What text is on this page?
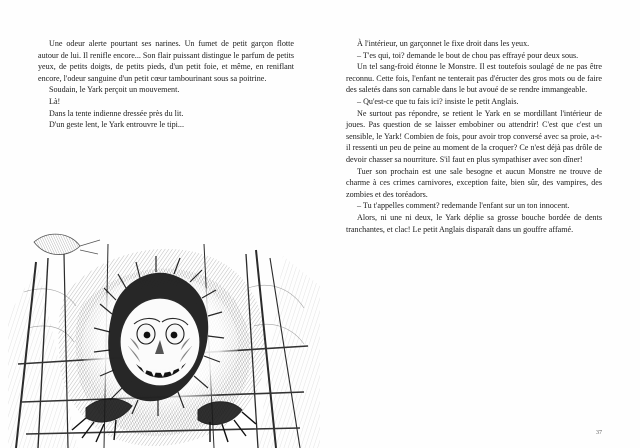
Une odeur alerte pourtant ses narines. Un fumet de petit garçon flotte autour de lui. Il renifle encore... Son flair puissant distingue le parfum de petits yeux, de petits doigts, de petits pieds, d'un petit foie, et même, en reniflant encore, l'odeur sanguine d'un petit cœur tambourinant sous sa poitrine.

Soudain, le Yark perçoit un mouvement.

Là!

Dans la tente indienne dressée près du lit.

D'un geste lent, le Yark entrouvre le tipi...

À l'intérieur, un garçonnet le fixe droit dans les yeux.

– T'es qui, toi? demande le bout de chou pas effrayé pour deux sous.

Un tel sang-froid étonne le Monstre. Il est toutefois soulagé de ne pas être reconnu. Cette fois, l'enfant ne tenterait pas d'éructer des gros mots ou de faire des saletés dans son carnable dans le but avoué de se rendre immangeable.

– Qu'est-ce que tu fais ici? insiste le petit Anglais.

Ne surtout pas répondre, se retient le Yark en se mordillant l'intérieur de joues. Pas question de se laisser embobiner ou attendrir! C'est que c'est un sensible, le Yark! Combien de fois, pour avoir trop conversé avec sa proie, a-t-il ressenti un peu de peine au moment de la croquer? Ce n'est déjà pas drôle de devoir chasser sa nourriture. S'il faut en plus sympathiser avec son dîner!

Tuer son prochain est une sale besogne et aucun Monstre ne trouve de charme à ces crimes carnivores, exception faite, bien sûr, des vampires, des zombies et des toréadors.

– Tu t'appelles comment? redemande l'enfant sur un ton innocent.

Alors, ni une ni deux, le Yark déplie sa grosse bouche bordée de dents tranchantes, et clac! Le petit Anglais disparaît dans un gouffre affamé.

37
